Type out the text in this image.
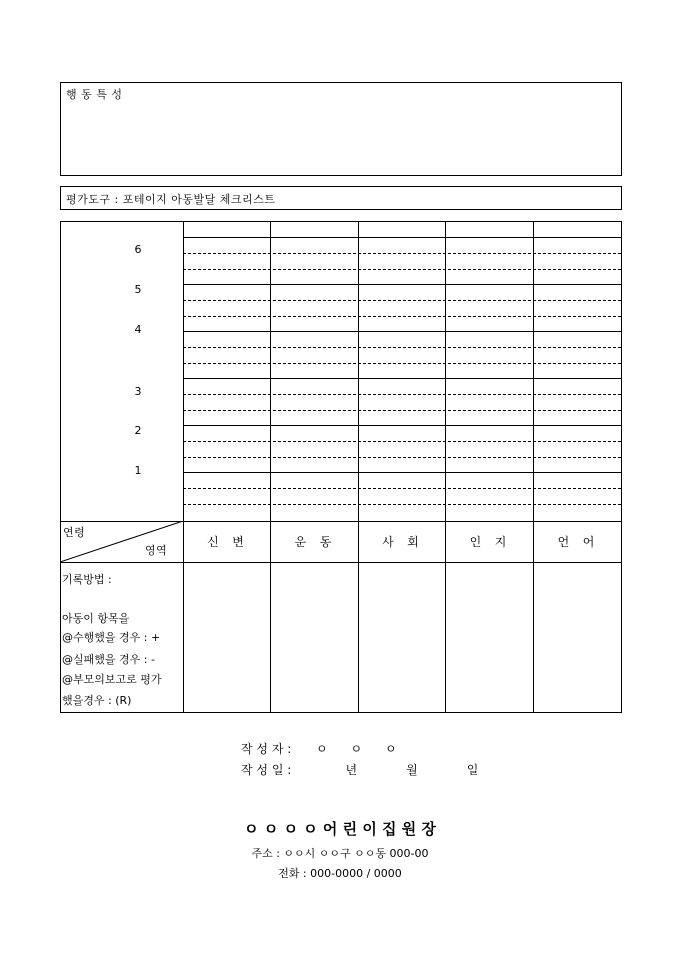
행 동 특 성
평가도구 : 포테이지 아동발달 체크리스트
6
5
4
3
2
1
연령
영역
신  변	운  동	사  회	인  지	언  어
기록방법 :
아동이 항목을
@수행했을 경우 : +
@실패했을 경우 : -
@부모의보고로 평가
했을경우 : (R)
작 성 자 : ㅇ      ㅇ      ㅇ
작 성 일 : 년     월     일
ㅇ ㅇ ㅇ ㅇ 어 린 이 집 원 장
주소 : ㅇㅇ시 ㅇㅇ구 ㅇㅇ동 000-00
전화 : 000-0000 / 0000
